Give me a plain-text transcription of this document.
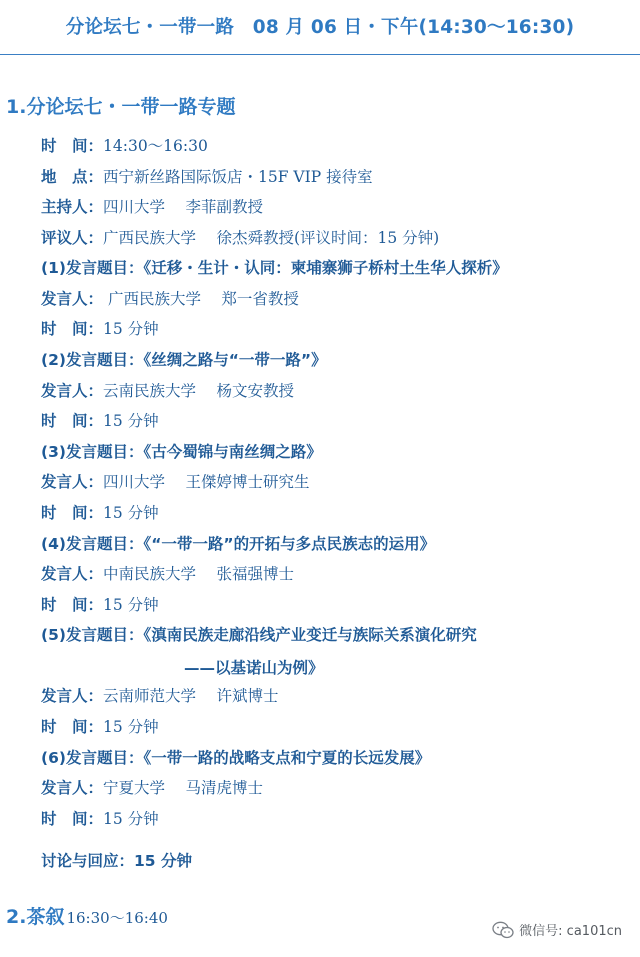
分论坛七・一带一路　08 月 06 日・下午(14:30～16:30)
1.分论坛七・一带一路专题
时　间：14:30～16:30
地　点：西宁新丝路国际饭店・15F VIP 接待室
主持人：四川大学　 李菲副教授
评议人：广西民族大学　 徐杰舜教授(评议时间：15 分钟)
(1)发言题目：《迁移・生计・认同：柬埔寨狮子桥村土生华人探析》
发言人： 广西民族大学　 郑一省教授
时　间：15 分钟
(2)发言题目：《丝绸之路与“一带一路”》
发言人：云南民族大学　 杨文安教授
时　间：15 分钟
(3)发言题目：《古今蜀锦与南丝绸之路》
发言人：四川大学　 王傑婷博士研究生
时　间：15 分钟
(4)发言题目：《“一带一路”的开拓与多点民族志的运用》
发言人：中南民族大学　 张福强博士
时　间：15 分钟
(5)发言题目：《滇南民族走廊沿线产业变迁与族际关系演化研究
——以基诺山为例》
发言人：云南师范大学　 许斌博士
时　间：15 分钟
(6)发言题目：《一带一路的战略支点和宁夏的长远发展》
发言人：宁夏大学　 马清虎博士
时　间：15 分钟
讨论与回应：15 分钟
2.茶叙 16:30～16:40
微信号: ca101cn
